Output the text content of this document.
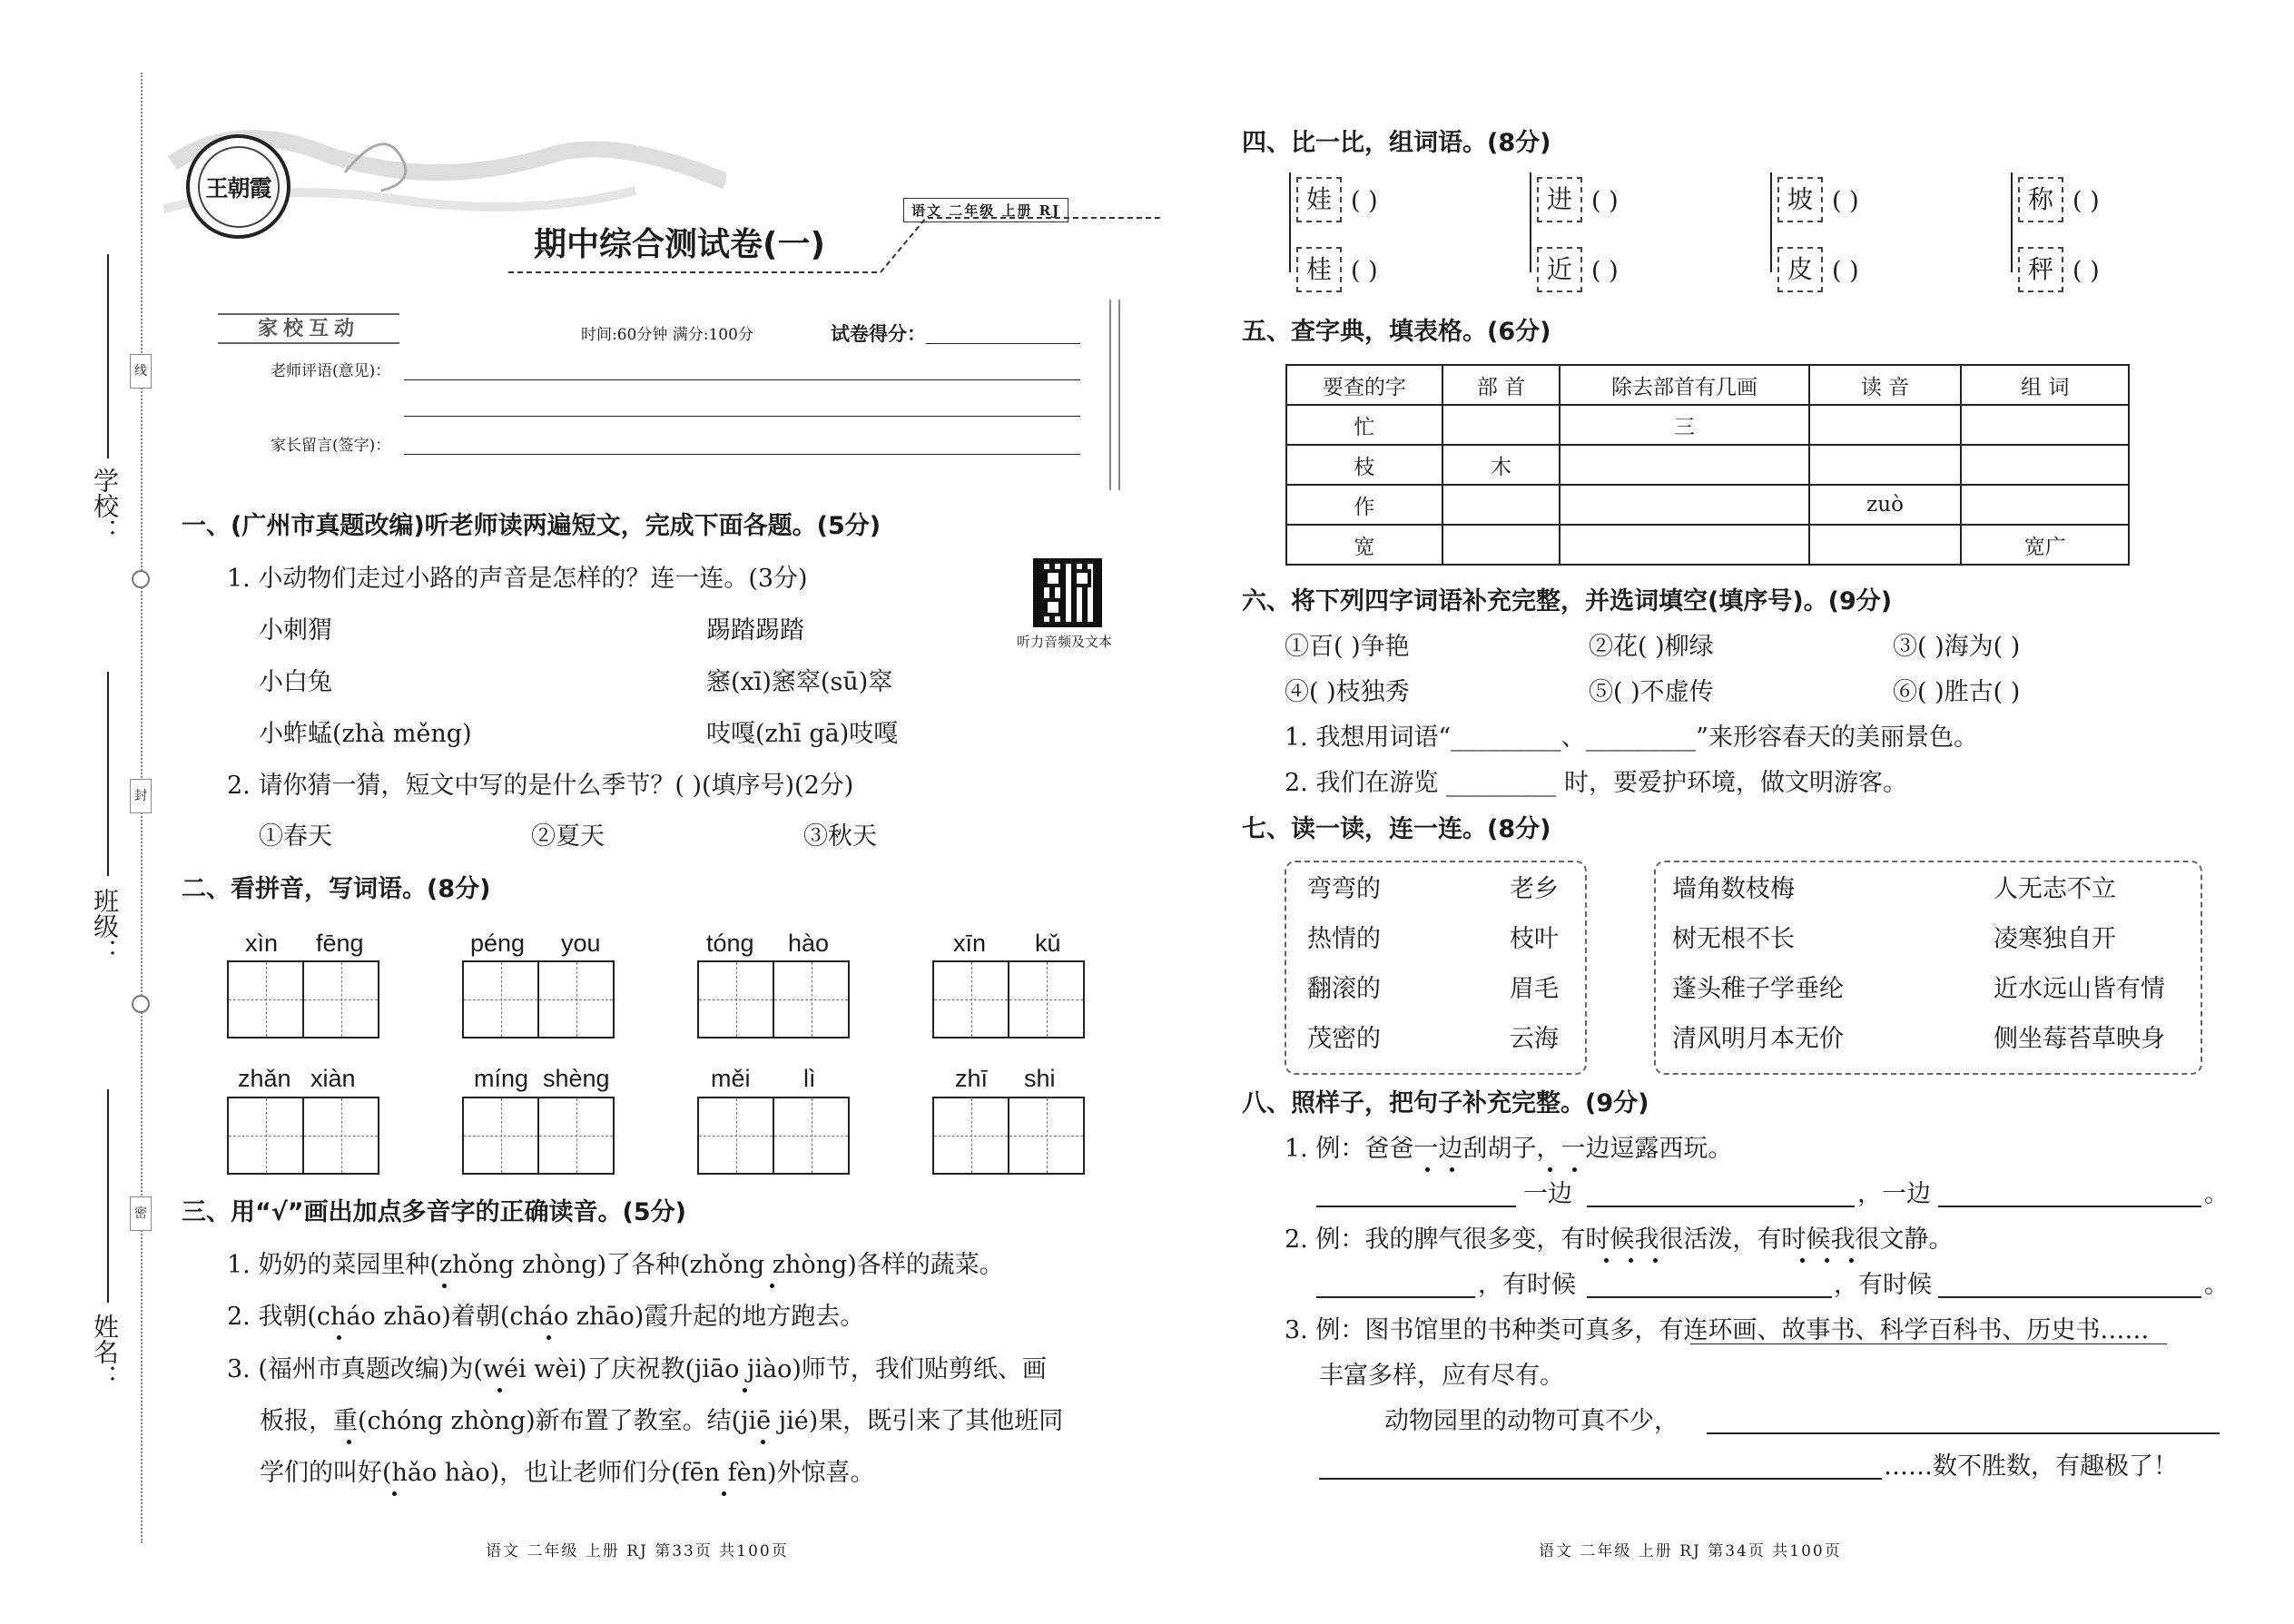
线
封
密
学校：
班级：
姓名：
王朝霞
语文 二年级 上册 RJ
期中综合测试卷(一)
家校互动	时间:60分钟 满分:100分	试卷得分：
老师评语(意见)：
家长留言(签字)：
一、(广州市真题改编)听老师读两遍短文，完成下面各题。(5分)
1. 小动物们走过小路的声音是怎样的？连一连。(3分)
听力音频及文本
小刺猬
小白兔
小蚱蜢(zhà měng)
踢踏踢踏
窸(xī)窸窣(sū)窣
吱嘎(zhī gā)吱嘎
2. 请你猜一猜，短文中写的是什么季节？( )(填序号)(2分)
①春天	②夏天	③秋天
二、看拼音，写词语。(8分)
xìn fēng	péng you	tóng hào	xīn kǔ
zhǎn xiàn	míng shèng	měi lì	zhī shi
三、用“√”画出加点多音字的正确读音。(5分)
1. 奶奶的菜园里种(zhǒng zhòng)了各种(zhǒng zhòng)各样的蔬菜。
2. 我朝(cháo zhāo)着朝(cháo zhāo)霞升起的地方跑去。
3. (福州市真题改编)为(wéi wèi)了庆祝教(jiāo jiào)师节，我们贴剪纸、画
板报，重(chóng zhòng)新布置了教室。结(jiē jié)果，既引来了其他班同
学们的叫好(hǎo hào)，也让老师们分(fēn fèn)外惊喜。
语文 二年级 上册 RJ 第33页 共100页
四、比一比，组词语。(8分)
娃 ( )
桂 ( )
进 ( )
近 ( )
坡 ( )
皮 ( )
称 ( )
秤 ( )
五、查字典，填表格。(6分)
要查的字	部 首	除去部首有几画	读 音	组 词
忙		三		
枝	木			
作			zuò	
宽				宽广
六、将下列四字词语补充完整，并选词填空(填序号)。(9分)
①百( )争艳	②花( )柳绿	③( )海为( )
④( )枝独秀	⑤( )不虚传	⑥( )胜古( )
1. 我想用词语“_________、_________”来形容春天的美丽景色。
2. 我们在游览 _________ 时，要爱护环境，做文明游客。
七、读一读，连一连。(8分)
弯弯的
热情的
翻滚的
茂密的
老乡
枝叶
眉毛
云海
墙角数枝梅
树无根不长
蓬头稚子学垂纶
清风明月本无价
人无志不立
凌寒独自开
近水远山皆有情
侧坐莓苔草映身
八、照样子，把句子补充完整。(9分)
1. 例：爸爸一边刮胡子，一边逗露西玩。
一边	，一边	。
2. 例：我的脾气很多变，有时候我很活泼，有时候我很文静。
，有时候	，有时候	。
3. 例：图书馆里的书种类可真多，有连环画、故事书、科学百科书、历史书……
丰富多样，应有尽有。
动物园里的动物可真不少，
……数不胜数，有趣极了！
语文 二年级 上册 RJ 第34页 共100页
